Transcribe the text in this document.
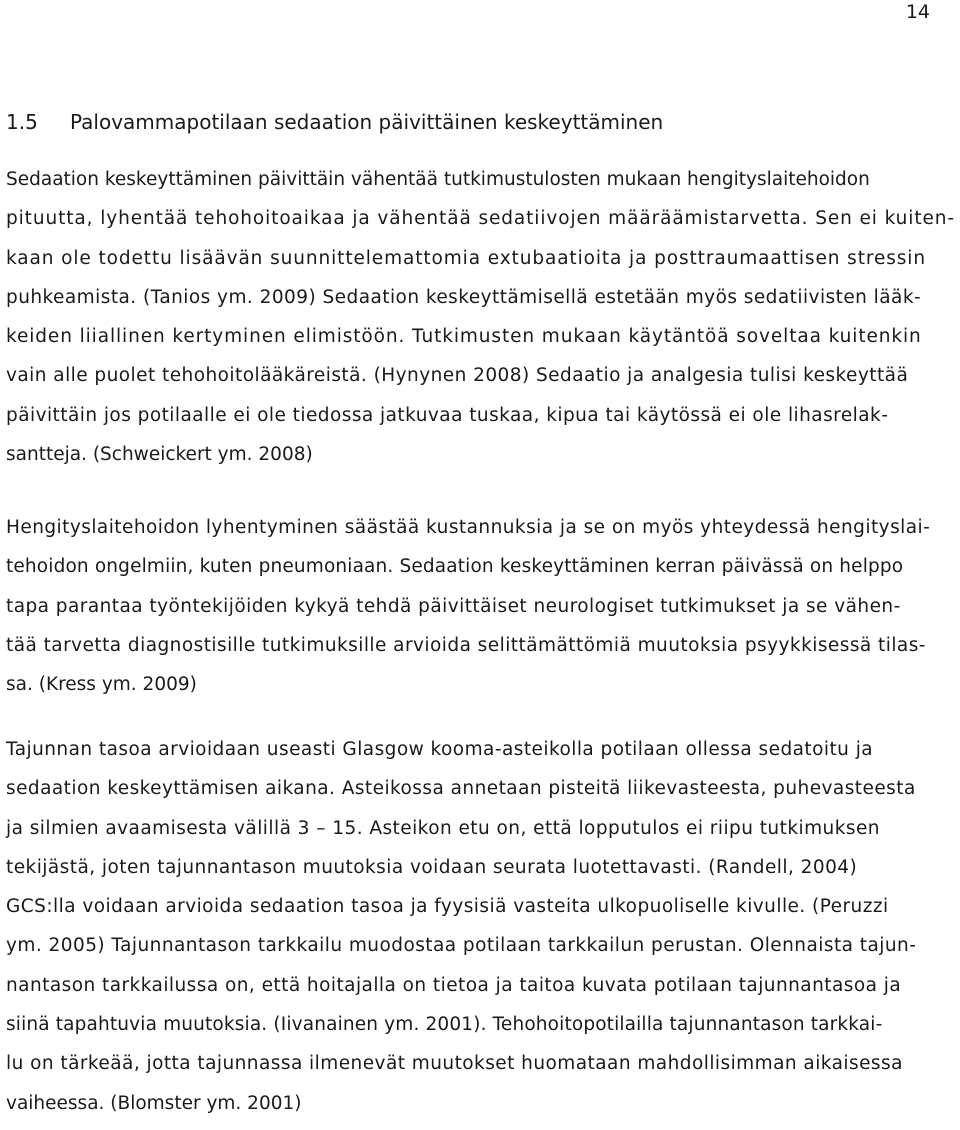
14
1.5 Palovammapotilaan sedaation päivittäinen keskeyttäminen
Sedaation keskeyttäminen päivittäin vähentää tutkimustulosten mukaan hengityslaitehoidon
pituutta, lyhentää tehohoitoaikaa ja vähentää sedatiivojen määräämistarvetta. Sen ei kuiten-
kaan ole todettu lisäävän suunnittelemattomia extubaatioita ja posttraumaattisen stressin
puhkeamista. (Tanios ym. 2009) Sedaation keskeyttämisellä estetään myös sedatiivisten lääk-
keiden liiallinen kertyminen elimistöön. Tutkimusten mukaan käytäntöä soveltaa kuitenkin
vain alle puolet tehohoitolääkäreistä. (Hynynen 2008) Sedaatio ja analgesia tulisi keskeyttää
päivittäin jos potilaalle ei ole tiedossa jatkuvaa tuskaa, kipua tai käytössä ei ole lihasrelak-
santteja. (Schweickert ym. 2008)
Hengityslaitehoidon lyhentyminen säästää kustannuksia ja se on myös yhteydessä hengityslai-
tehoidon ongelmiin, kuten pneumoniaan. Sedaation keskeyttäminen kerran päivässä on helppo
tapa parantaa työntekijöiden kykyä tehdä päivittäiset neurologiset tutkimukset ja se vähen-
tää tarvetta diagnostisille tutkimuksille arvioida selittämättömiä muutoksia psyykkisessä tilas-
sa. (Kress ym. 2009)
Tajunnan tasoa arvioidaan useasti Glasgow kooma-asteikolla potilaan ollessa sedatoitu ja
sedaation keskeyttämisen aikana. Asteikossa annetaan pisteitä liikevasteesta, puhevasteesta
ja silmien avaamisesta välillä 3 – 15. Asteikon etu on, että lopputulos ei riipu tutkimuksen
tekijästä, joten tajunnantason muutoksia voidaan seurata luotettavasti. (Randell, 2004)
GCS:lla voidaan arvioida sedaation tasoa ja fyysisiä vasteita ulkopuoliselle kivulle. (Peruzzi
ym. 2005) Tajunnantason tarkkailu muodostaa potilaan tarkkailun perustan. Olennaista tajun-
nantason tarkkailussa on, että hoitajalla on tietoa ja taitoa kuvata potilaan tajunnantasoa ja
siinä tapahtuvia muutoksia. (Iivanainen ym. 2001). Tehohoitopotilailla tajunnantason tarkkai-
lu on tärkeää, jotta tajunnassa ilmenevät muutokset huomataan mahdollisimman aikaisessa
vaiheessa. (Blomster ym. 2001)
